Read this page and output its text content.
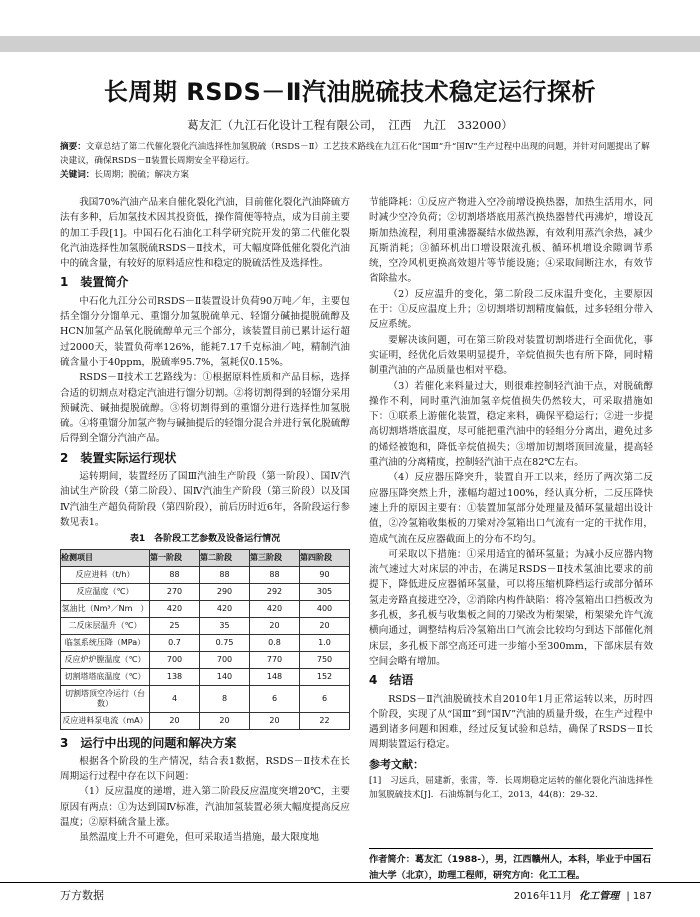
长周期 RSDS－Ⅱ汽油脱硫技术稳定运行探析
葛友汇（九江石化设计工程有限公司，　江西　九江　332000）
摘要：文章总结了第二代催化裂化汽油选择性加氢脱硫（RSDS－Ⅱ）工艺技术路线在九江石化“国Ⅲ”升“国Ⅳ”生产过程中出现的问题，并针对问题提出了解决建议，确保RSDS－Ⅱ装置长周期安全平稳运行。
关键词：长周期；脱硫；解决方案

我国70%汽油产品来自催化裂化汽油，目前催化裂化汽油降硫方法有多种，后加氢技术因其投资低，操作简便等特点，成为目前主要的加工手段[1]。中国石化石油化工科学研究院开发的第二代催化裂化汽油选择性加氢脱硫RSDS－Ⅱ技术，可大幅度降低催化裂化汽油中的硫含量，有较好的原料适应性和稳定的脱硫活性及选择性。

1　装置简介

中石化九江分公司RSDS－Ⅱ装置设计负荷90万吨／年，主要包括全馏分分馏单元、重馏分加氢脱硫单元、轻馏分碱抽提脱硫醇及HCN加氢产品氧化脱硫醇单元三个部分，该装置目前已累计运行超过2000天，装置负荷率126%，能耗7.17千克标油／吨，精制汽油硫含量小于40ppm，脱硫率95.7%，氢耗仅0.15%。

RSDS－Ⅱ技术工艺路线为：①根据原料性质和产品目标，选择合适的切割点对稳定汽油进行馏分切割。②将切割得到的轻馏分采用预碱洗、碱抽提脱硫醇。③将切割得到的重馏分进行选择性加氢脱硫。④将重馏分加氢产物与碱抽提后的轻馏分混合并进行氧化脱硫醇后得到全馏分汽油产品。

2　装置实际运行现状

运转期间，装置经历了国Ⅲ汽油生产阶段（第一阶段）、国Ⅳ汽油试生产阶段（第二阶段）、国Ⅳ汽油生产阶段（第三阶段）以及国Ⅳ汽油生产超负荷阶段（第四阶段），前后历时近6年，各阶段运行参数见表1。

表1　各阶段工艺参数及设备运行情况
检测项目	第一阶段	第二阶段	第三阶段	第四阶段
反应进料（t/h）	88	88	88	90
反应温度（℃）	270	290	292	305
氢油比（Nm³／Nm　）	420	420	420	400
二反床层温升（℃）	25	35	20	20
临氢系统压降（MPa）	0.7	0.75	0.8	1.0
反应炉炉膛温度（℃）	700	700	770	750
切割塔塔底温度（℃）	138	140	148	152
切割塔顶空冷运行（台数）	4	8	6	6
反应进料泵电流（mA）	20	20	20	22
3　运行中出现的问题和解决方案

根据各个阶段的生产情况，结合表1数据，RSDS－Ⅱ技术在长周期运行过程中存在以下问题：

（1）反应温度的递增，进入第二阶段反应温度突增20℃，主要原因有两点：①为达到国Ⅳ标准，汽油加氢装置必须大幅度提高反应温度；②原料硫含量上涨。

虽然温度上升不可避免，但可采取适当措施，最大限度地

节能降耗：①反应产物进入空冷前增设换热器，加热生活用水，同时减少空冷负荷；②切割塔塔底用蒸汽换热器替代再沸炉，增设瓦斯加热流程，利用重沸器凝结水做热源，有效利用蒸汽余热，减少瓦斯消耗；③循环机出口增设限流孔板、循环机增设余隙调节系统，空冷风机更换高效翅片等节能设施；④采取间断注水，有效节省除盐水。

（2）反应温升的变化，第二阶段二反床温升变化，主要原因在于：①反应温度上升；②切割塔切割精度偏低，过多轻组分带入反应系统。

要解决该问题，可在第三阶段对装置切割塔进行全面优化，事实证明，经优化后效果明显提升，辛烷值损失也有所下降，同时精制重汽油的产品质量也相对平稳。

（3）若催化来料量过大，则很难控制轻汽油干点，对脱硫醇操作不利，同时重汽油加氢辛烷值损失仍然较大，可采取措施如下：①联系上游催化装置，稳定来料，确保平稳运行；②进一步提高切割塔塔底温度，尽可能把重汽油中的轻组分分离出，避免过多的烯烃被饱和，降低辛烷值损失；③增加切割塔顶回流量，提高轻重汽油的分离精度，控制轻汽油干点在82℃左右。

（4）反应器压降突升，装置自开工以来，经历了两次第二反应器压降突然上升，涨幅均超过100%，经认真分析，二反压降快速上升的原因主要有：①装置加氢部分处理量及循环氢量超出设计值，②冷氢箱收集板的刀梁对冷氢箱出口气流有一定的干扰作用，造成气流在反应器截面上的分布不均匀。

可采取以下措施：①采用适宜的循环氢量；为减小反应器内物流气速过大对床层的冲击，在满足RSDS－Ⅱ技术氢油比要求的前提下，降低进反应器循环氢量，可以将压缩机降档运行或部分循环氢走旁路直接进空冷，②消除内构件缺陷：将冷氢箱出口挡板改为多孔板，多孔板与收集板之间的刀梁改为桁架梁，桁架梁允许气流横向通过，调整结构后冷氢箱出口气流会比较均匀到达下部催化剂床层，多孔板下部空高还可进一步缩小至300mm，下部床层有效空间会略有增加。

4　结语

RSDS－Ⅱ汽油脱硫技术自2010年1月正常运转以来，历时四个阶段，实现了从“国Ⅲ”到“国Ⅳ”汽油的质量升级，在生产过程中遇到诸多问题和困难，经过反复试验和总结，确保了RSDS－Ⅱ长周期装置运行稳定。

参考文献：

[1]　习远兵，屈建新，张雷，等．长周期稳定运转的催化裂化汽油选择性加氢脱硫技术[J]．石油炼制与化工，2013，44(8)：29-32.

作者简介：葛友汇（1988-），男，江西赣州人，本科，毕业于中国石油大学（北京），助理工程师，研究方向：化工工程。
万方数据	2016年11月 化工管理 | 187
